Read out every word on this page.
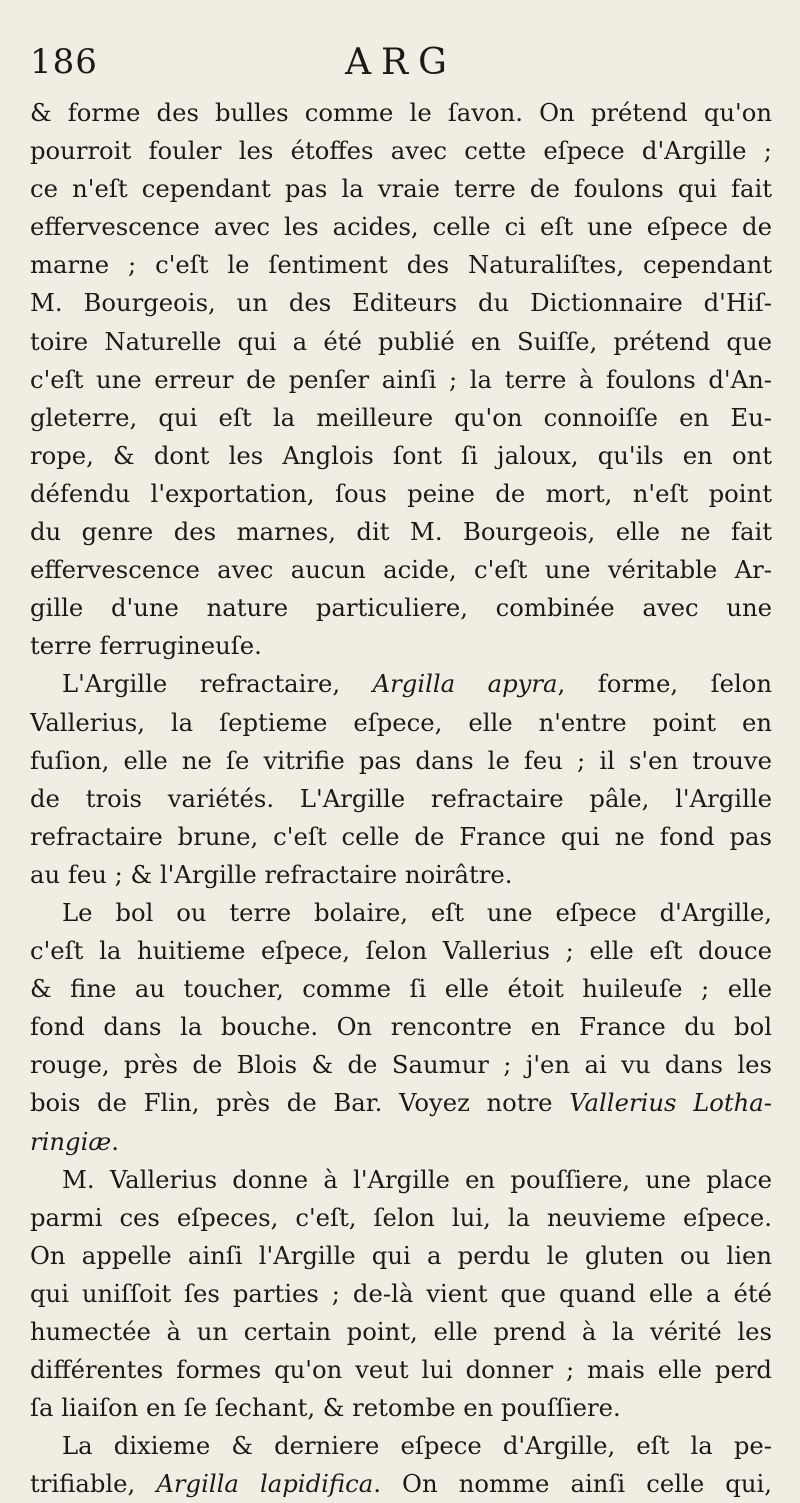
186	ARG
& forme des bulles comme le ſavon. On prétend qu'on
pourroit fouler les étoffes avec cette eſpece d'Argille ;
ce n'eſt cependant pas la vraie terre de foulons qui fait
effervescence avec les acides, celle ci eſt une eſpece de
marne ; c'eſt le ſentiment des Naturaliſtes, cependant
M. Bourgeois, un des Editeurs du Dictionnaire d'Hiſ-
toire Naturelle qui a été publié en Suiſſe, prétend que
c'eſt une erreur de penſer ainſi ; la terre à foulons d'An-
gleterre, qui eſt la meilleure qu'on connoiſſe en Eu-
rope, & dont les Anglois ſont ſi jaloux, qu'ils en ont
défendu l'exportation, ſous peine de mort, n'eſt point
du genre des marnes, dit M. Bourgeois, elle ne fait
effervescence avec aucun acide, c'eſt une véritable Ar-
gille d'une nature particuliere, combinée avec une
terre ferrugineuſe.
L'Argille refractaire, Argilla apyra, forme, ſelon
Vallerius, la ſeptieme eſpece, elle n'entre point en
fuſion, elle ne ſe vitrifie pas dans le feu ; il s'en trouve
de trois variétés. L'Argille refractaire pâle, l'Argille
refractaire brune, c'eſt celle de France qui ne fond pas
au feu ; & l'Argille refractaire noirâtre.
Le bol ou terre bolaire, eſt une eſpece d'Argille,
c'eſt la huitieme eſpece, ſelon Vallerius ; elle eſt douce
& fine au toucher, comme ſi elle étoit huileuſe ; elle
fond dans la bouche. On rencontre en France du bol
rouge, près de Blois & de Saumur ; j'en ai vu dans les
bois de Flin, près de Bar. Voyez notre Vallerius Lotha-
ringiæ.
M. Vallerius donne à l'Argille en pouſſiere, une place
parmi ces eſpeces, c'eſt, ſelon lui, la neuvieme eſpece.
On appelle ainſi l'Argille qui a perdu le gluten ou lien
qui uniſſoit ſes parties ; de-là vient que quand elle a été
humectée à un certain point, elle prend à la vérité les
différentes formes qu'on veut lui donner ; mais elle perd
ſa liaiſon en ſe ſechant, & retombe en pouſſiere.
La dixieme & derniere eſpece d'Argille, eſt la pe-
trifiable, Argilla lapidifica. On nomme ainſi celle qui,
